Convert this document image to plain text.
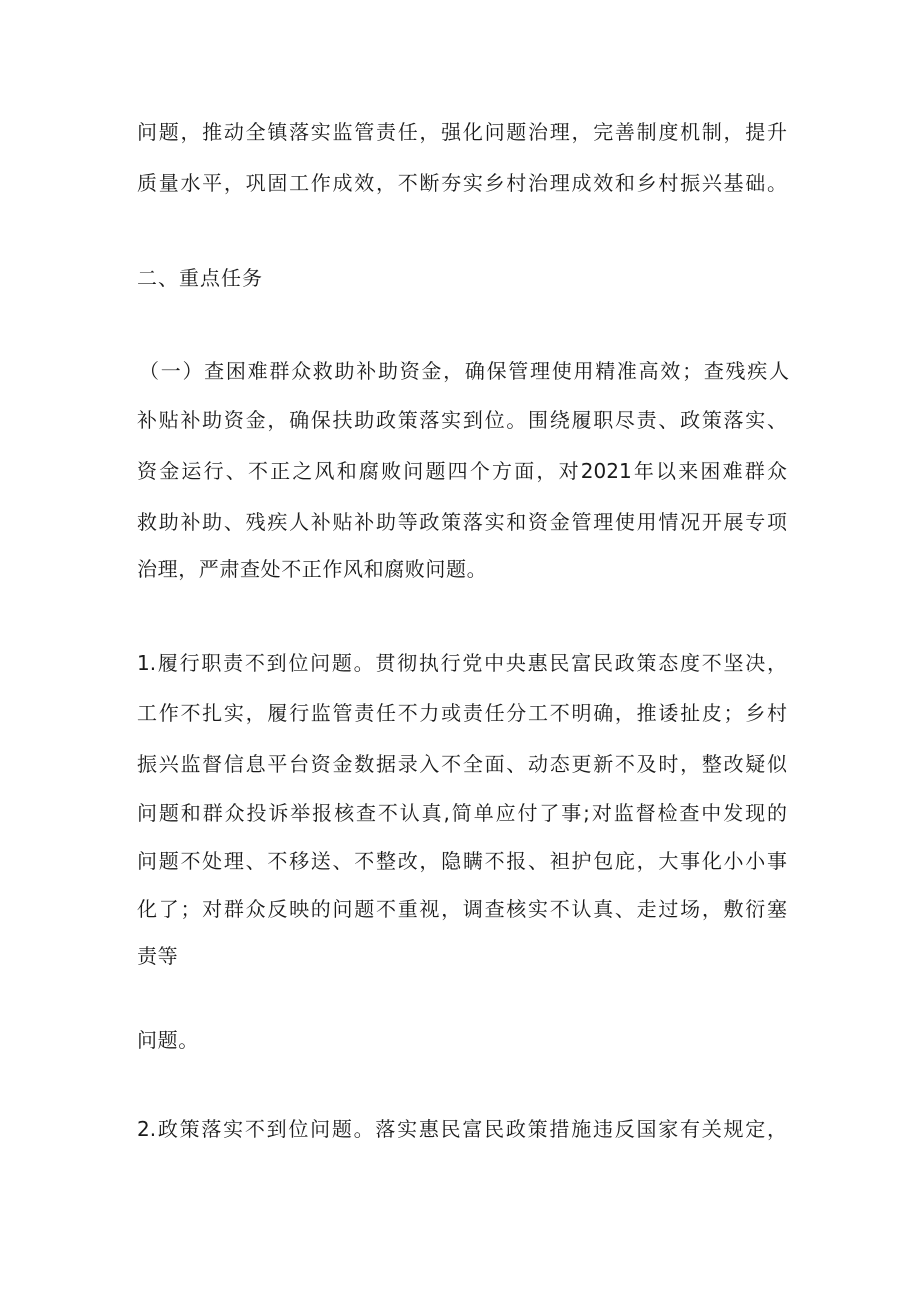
问题，推动全镇落实监管责任，强化问题治理，完善制度机制，提升
质量水平，巩固工作成效，不断夯实乡村治理成效和乡村振兴基础。
二、重点任务
（一）查困难群众救助补助资金，确保管理使用精准高效；查残疾人
补贴补助资金，确保扶助政策落实到位。围绕履职尽责、政策落实、
资金运行、不正之风和腐败问题四个方面，对2021年以来困难群众
救助补助、残疾人补贴补助等政策落实和资金管理使用情况开展专项
治理，严肃查处不正作风和腐败问题。
1.履行职责不到位问题。贯彻执行党中央惠民富民政策态度不坚决，
工作不扎实，履行监管责任不力或责任分工不明确，推诿扯皮；乡村
振兴监督信息平台资金数据录入不全面、动态更新不及时，整改疑似
问题和群众投诉举报核查不认真,简单应付了事;对监督检查中发现的
问题不处理、不移送、不整改，隐瞒不报、袒护包庇，大事化小小事
化了；对群众反映的问题不重视，调查核实不认真、走过场，敷衍塞
责等
问题。
2.政策落实不到位问题。落实惠民富民政策措施违反国家有关规定，
